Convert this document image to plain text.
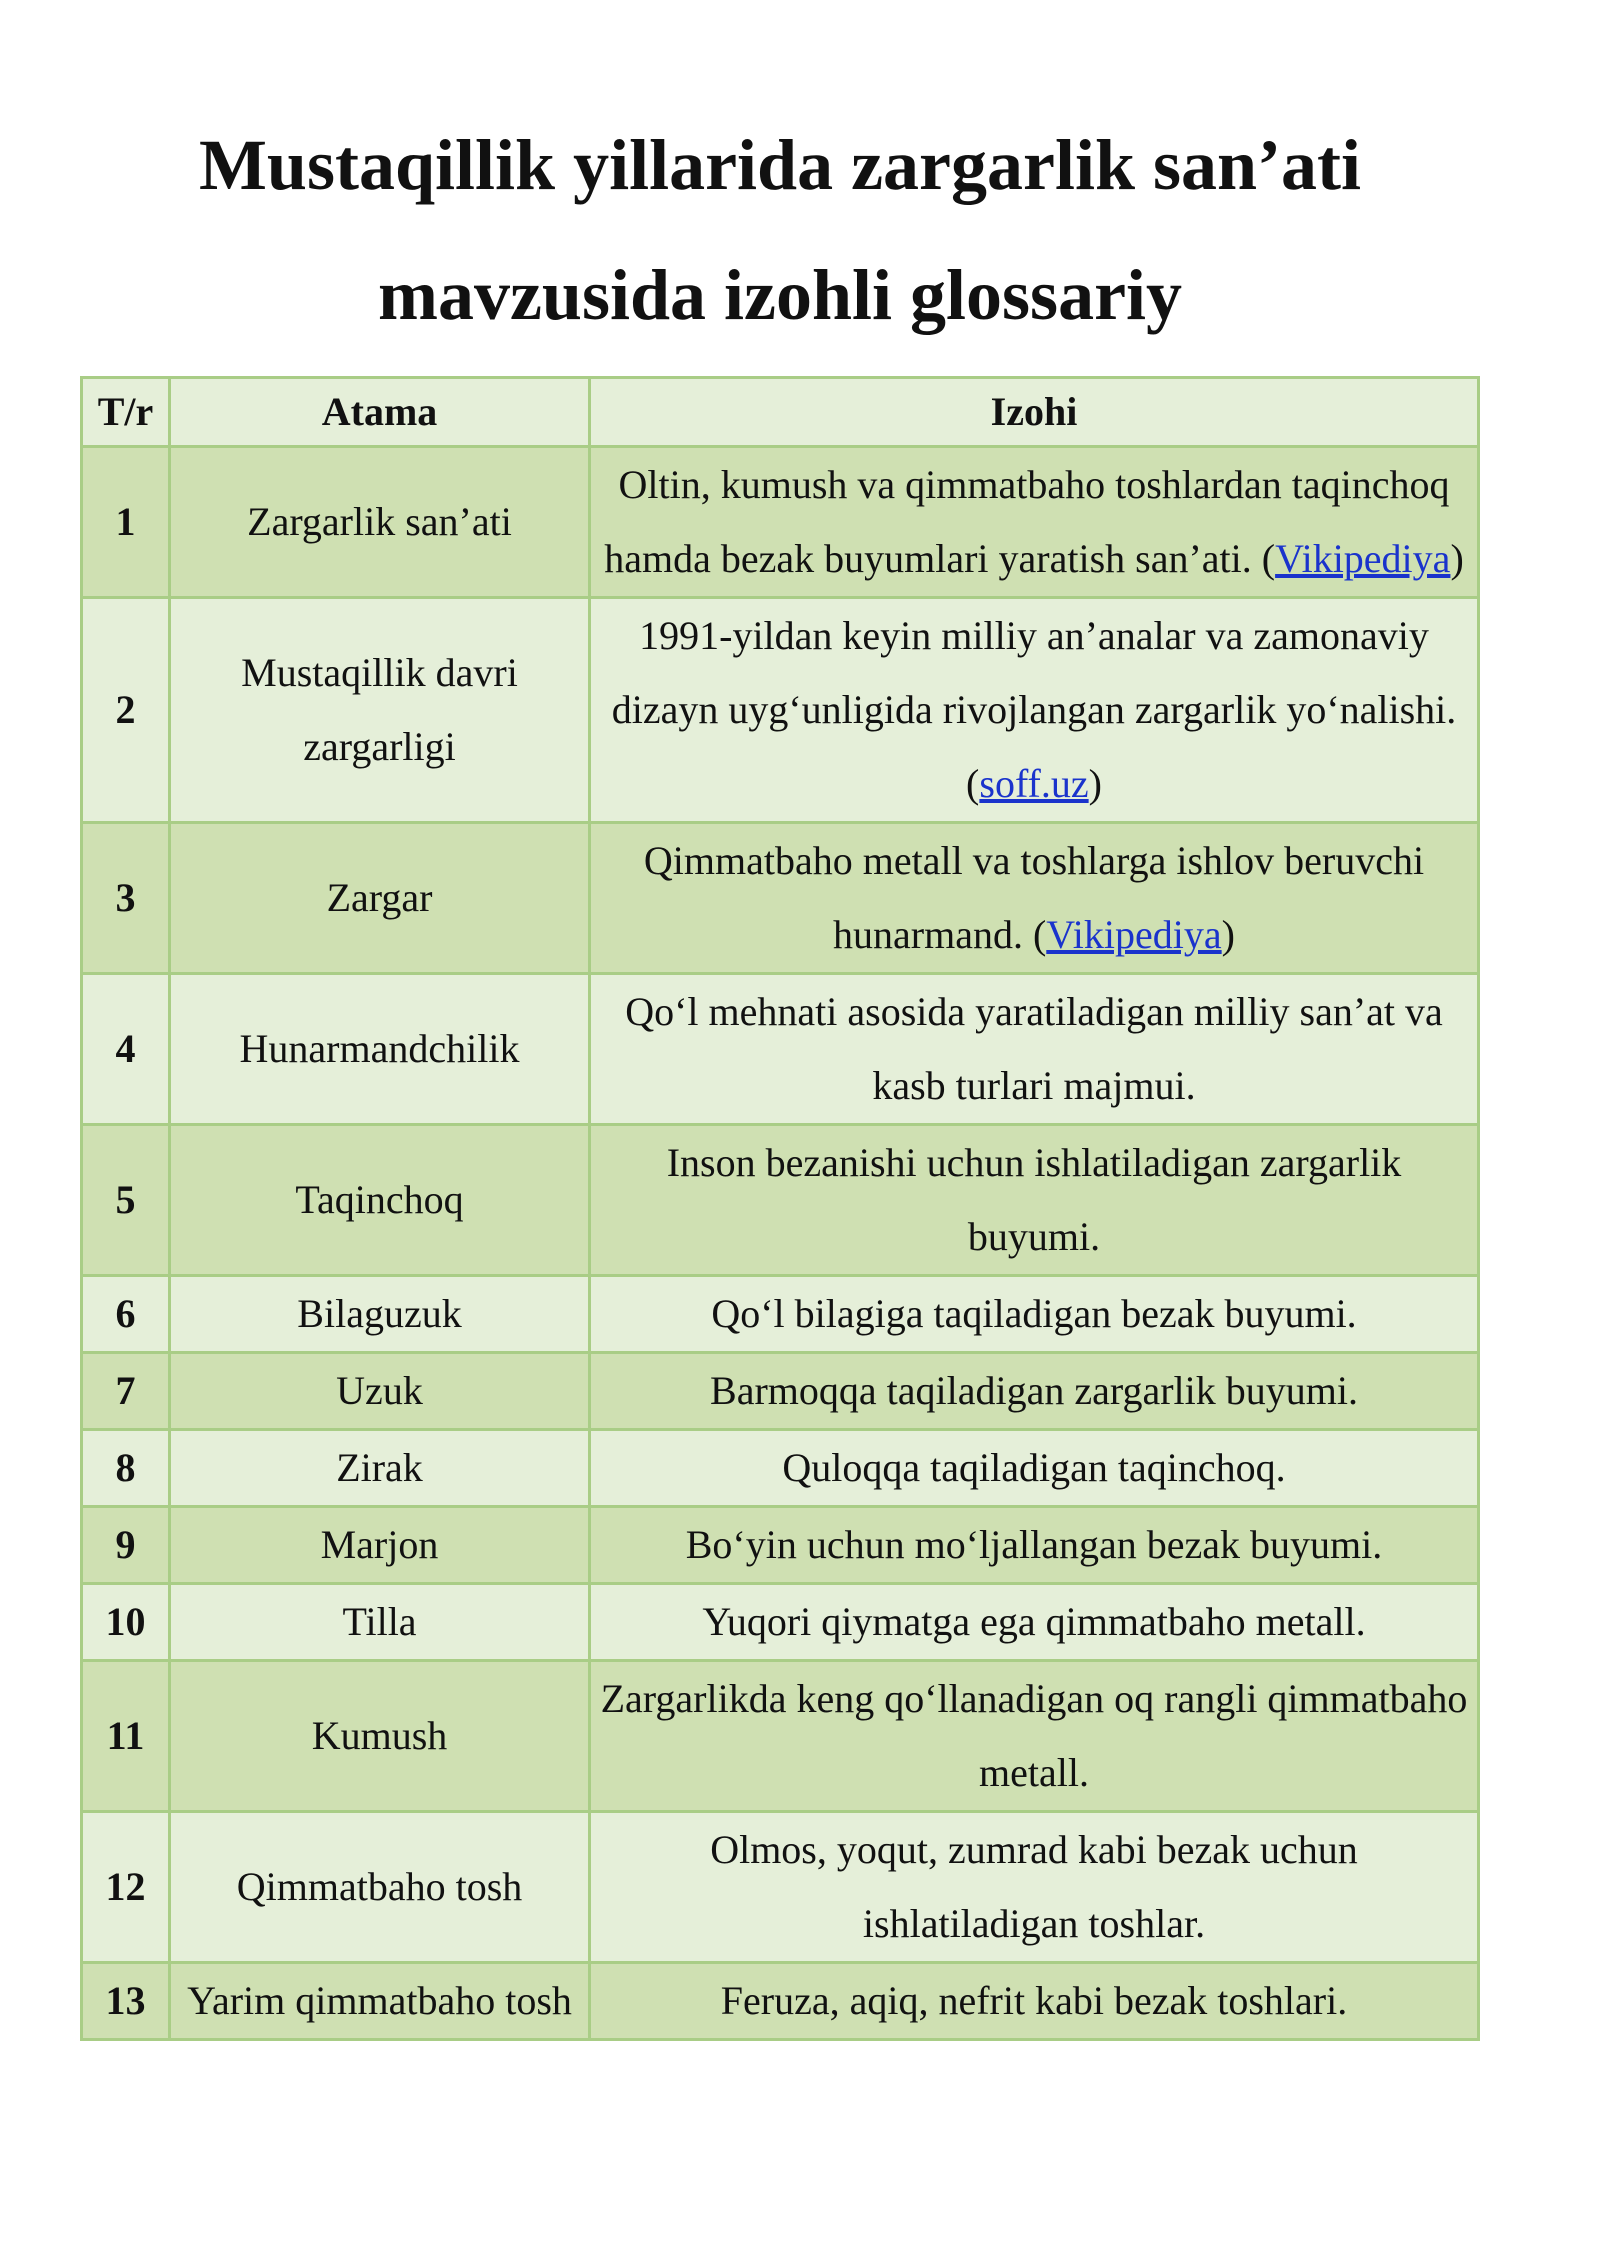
Mustaqillik yillarida zargarlik san’ati
mavzusida izohli glossariy
T/r	Atama	Izohi
1	Zargarlik san’ati	Oltin, kumush va qimmatbaho toshlardan taqinchoq hamda bezak buyumlari yaratish san’ati. (Vikipediya)
2	Mustaqillik davri zargarligi	1991-yildan keyin milliy an’analar va zamonaviy dizayn uyg‘unligida rivojlangan zargarlik yo‘nalishi. (soff.uz)
3	Zargar	Qimmatbaho metall va toshlarga ishlov beruvchi hunarmand. (Vikipediya)
4	Hunarmandchilik	Qo‘l mehnati asosida yaratiladigan milliy san’at va kasb turlari majmui.
5	Taqinchoq	Inson bezanishi uchun ishlatiladigan zargarlik buyumi.
6	Bilaguzuk	Qo‘l bilagiga taqiladigan bezak buyumi.
7	Uzuk	Barmoqqa taqiladigan zargarlik buyumi.
8	Zirak	Quloqqa taqiladigan taqinchoq.
9	Marjon	Bo‘yin uchun mo‘ljallangan bezak buyumi.
10	Tilla	Yuqori qiymatga ega qimmatbaho metall.
11	Kumush	Zargarlikda keng qo‘llanadigan oq rangli qimmatbaho metall.
12	Qimmatbaho tosh	Olmos, yoqut, zumrad kabi bezak uchun ishlatiladigan toshlar.
13	Yarim qimmatbaho tosh	Feruza, aqiq, nefrit kabi bezak toshlari.
